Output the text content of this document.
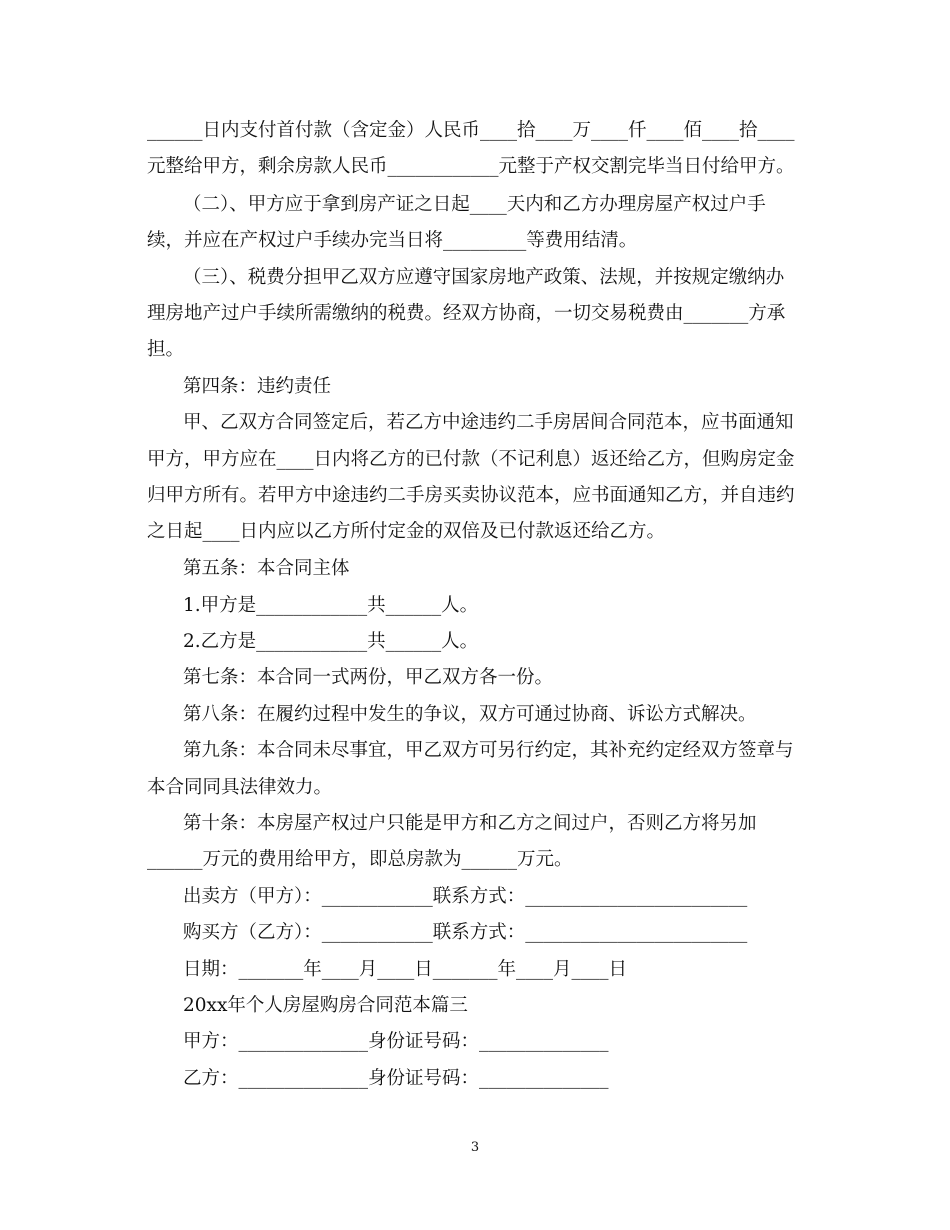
______日内支付首付款（含定金）人民币____拾____万____仟____佰____拾____
元整给甲方，剩余房款人民币____________元整于产权交割完毕当日付给甲方。
（二）、甲方应于拿到房产证之日起____天内和乙方办理房屋产权过户手
续，并应在产权过户手续办完当日将_________等费用结清。
（三）、税费分担甲乙双方应遵守国家房地产政策、法规，并按规定缴纳办
理房地产过户手续所需缴纳的税费。经双方协商，一切交易税费由_______方承
担。
第四条：违约责任
甲、乙双方合同签定后，若乙方中途违约二手房居间合同范本，应书面通知
甲方，甲方应在____日内将乙方的已付款（不记利息）返还给乙方，但购房定金
归甲方所有。若甲方中途违约二手房买卖协议范本，应书面通知乙方，并自违约
之日起____日内应以乙方所付定金的双倍及已付款返还给乙方。
第五条：本合同主体
1.甲方是____________共______人。
2.乙方是____________共______人。
第七条：本合同一式两份，甲乙双方各一份。
第八条：在履约过程中发生的争议，双方可通过协商、诉讼方式解决。
第九条：本合同未尽事宜，甲乙双方可另行约定，其补充约定经双方签章与
本合同同具法律效力。
第十条：本房屋产权过户只能是甲方和乙方之间过户，否则乙方将另加
______万元的费用给甲方，即总房款为______万元。
出卖方（甲方）：____________联系方式：________________________
购买方（乙方）：____________联系方式：________________________
日期：_______年____月____日_______年____月____日
20xx年个人房屋购房合同范本篇三
甲方：______________身份证号码：______________
乙方：______________身份证号码：______________
3
